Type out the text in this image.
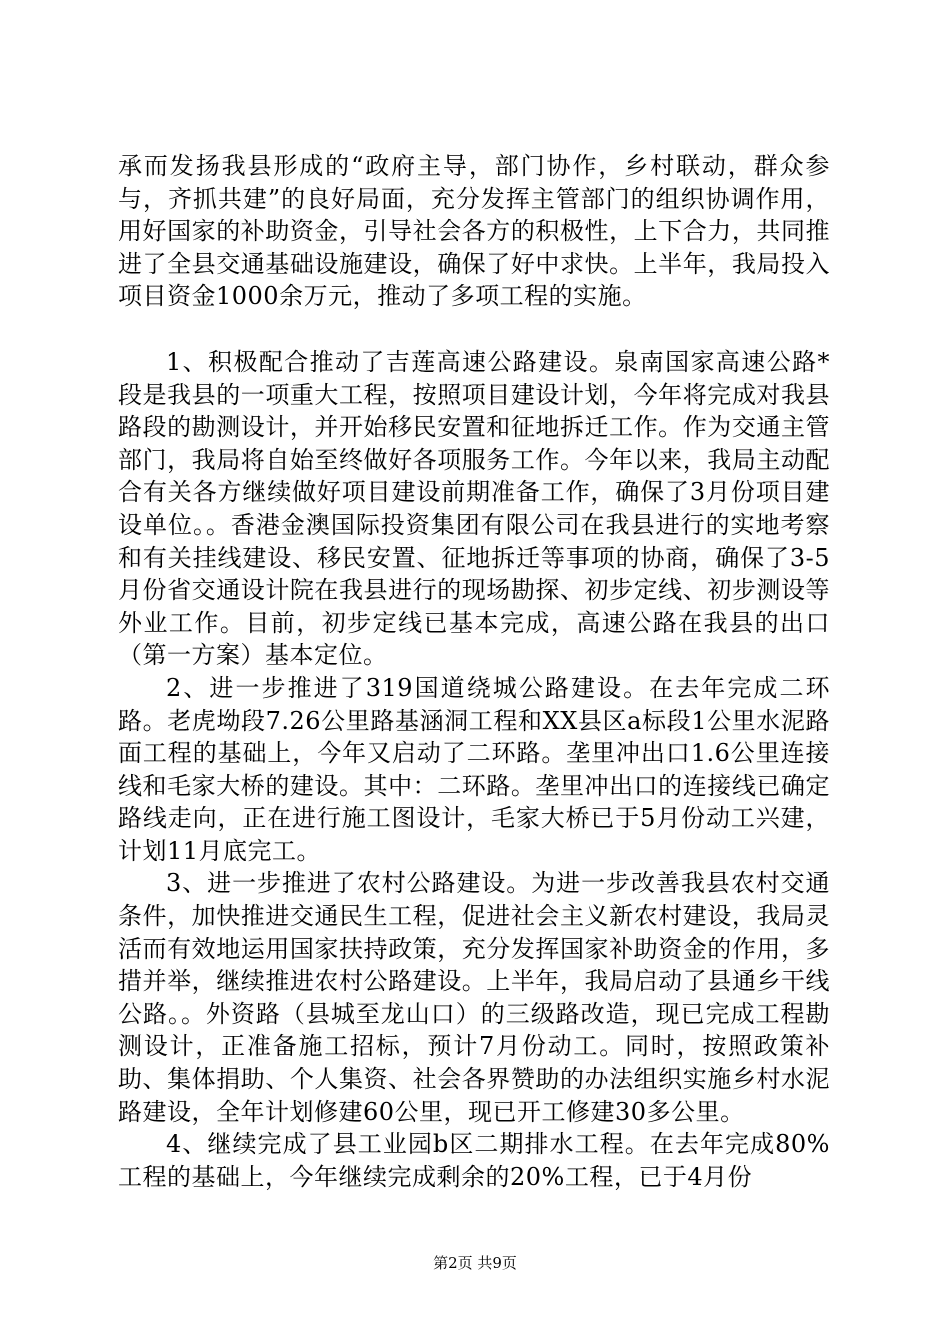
承而发扬我县形成的“政府主导，部门协作，乡村联动，群众参与，齐抓共建”的良好局面，充分发挥主管部门的组织协调作用，用好国家的补助资金，引导社会各方的积极性，上下合力，共同推进了全县交通基础设施建设，确保了好中求快。上半年，我局投入项目资金1000余万元，推动了多项工程的实施。

1、积极配合推动了吉莲高速公路建设。泉南国家高速公路*段是我县的一项重大工程，按照项目建设计划，今年将完成对我县路段的勘测设计，并开始移民安置和征地拆迁工作。作为交通主管部门，我局将自始至终做好各项服务工作。今年以来，我局主动配合有关各方继续做好项目建设前期准备工作，确保了3月份项目建设单位。。香港金澳国际投资集团有限公司在我县进行的实地考察和有关挂线建设、移民安置、征地拆迁等事项的协商，确保了3-5月份省交通设计院在我县进行的现场勘探、初步定线、初步测设等外业工作。目前，初步定线已基本完成，高速公路在我县的出口（第一方案）基本定位。

2、进一步推进了319国道绕城公路建设。在去年完成二环路。老虎坳段7.26公里路基涵洞工程和XX县区a标段1公里水泥路面工程的基础上，今年又启动了二环路。垄里冲出口1.6公里连接线和毛家大桥的建设。其中：二环路。垄里冲出口的连接线已确定路线走向，正在进行施工图设计，毛家大桥已于5月份动工兴建，计划11月底完工。

3、进一步推进了农村公路建设。为进一步改善我县农村交通条件，加快推进交通民生工程，促进社会主义新农村建设，我局灵活而有效地运用国家扶持政策，充分发挥国家补助资金的作用，多措并举，继续推进农村公路建设。上半年，我局启动了县通乡干线公路。。外资路（县城至龙山口）的三级路改造，现已完成工程勘测设计，正准备施工招标，预计7月份动工。同时，按照政策补助、集体捐助、个人集资、社会各界赞助的办法组织实施乡村水泥路建设，全年计划修建60公里，现已开工修建30多公里。

4、继续完成了县工业园b区二期排水工程。在去年完成80%工程的基础上，今年继续完成剩余的20%工程，已于4月份

第2页 共9页
